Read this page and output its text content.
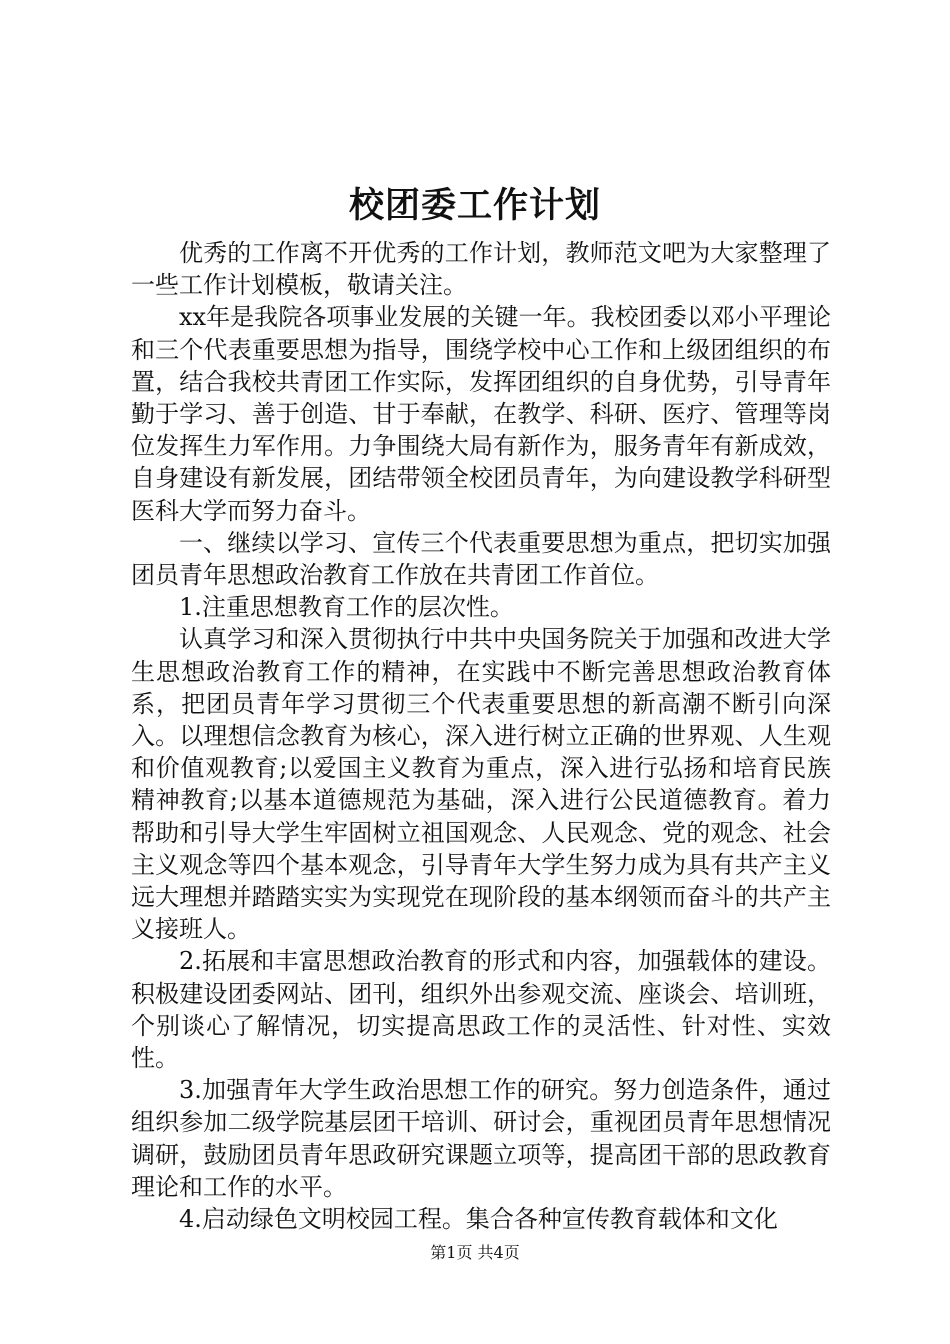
校团委工作计划

优秀的工作离不开优秀的工作计划，教师范文吧为大家整理了一些工作计划模板，敬请关注。

xx年是我院各项事业发展的关键一年。我校团委以邓小平理论和三个代表重要思想为指导，围绕学校中心工作和上级团组织的布置，结合我校共青团工作实际，发挥团组织的自身优势，引导青年勤于学习、善于创造、甘于奉献，在教学、科研、医疗、管理等岗位发挥生力军作用。力争围绕大局有新作为，服务青年有新成效，自身建设有新发展，团结带领全校团员青年，为向建设教学科研型医科大学而努力奋斗。

一、继续以学习、宣传三个代表重要思想为重点，把切实加强团员青年思想政治教育工作放在共青团工作首位。

1.注重思想教育工作的层次性。

认真学习和深入贯彻执行中共中央国务院关于加强和改进大学生思想政治教育工作的精神，在实践中不断完善思想政治教育体系，把团员青年学习贯彻三个代表重要思想的新高潮不断引向深入。以理想信念教育为核心，深入进行树立正确的世界观、人生观和价值观教育;以爱国主义教育为重点，深入进行弘扬和培育民族精神教育;以基本道德规范为基础，深入进行公民道德教育。着力帮助和引导大学生牢固树立祖国观念、人民观念、党的观念、社会主义观念等四个基本观念，引导青年大学生努力成为具有共产主义远大理想并踏踏实实为实现党在现阶段的基本纲领而奋斗的共产主义接班人。

2.拓展和丰富思想政治教育的形式和内容，加强载体的建设。积极建设团委网站、团刊，组织外出参观交流、座谈会、培训班，个别谈心了解情况，切实提高思政工作的灵活性、针对性、实效性。

3.加强青年大学生政治思想工作的研究。努力创造条件，通过组织参加二级学院基层团干培训、研讨会，重视团员青年思想情况调研，鼓励团员青年思政研究课题立项等，提高团干部的思政教育理论和工作的水平。

4.启动绿色文明校园工程。集合各种宣传教育载体和文化

第1页 共4页
